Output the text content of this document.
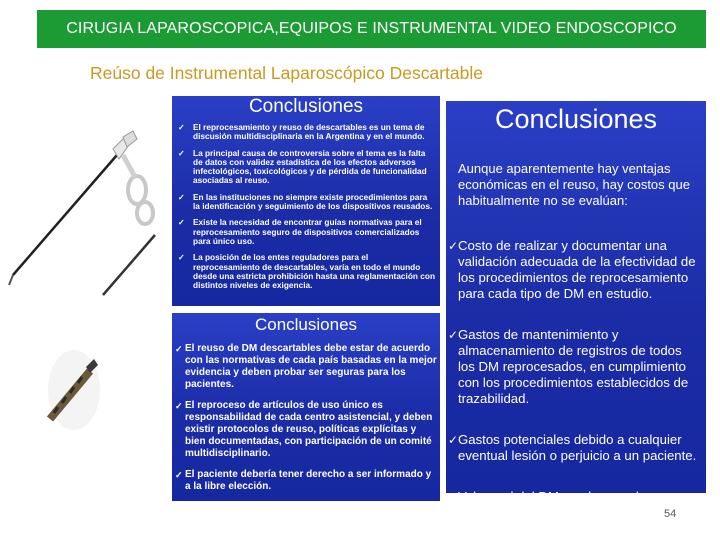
CIRUGIA LAPAROSCOPICA,EQUIPOS E INSTRUMENTAL VIDEO ENDOSCOPICO
Reúso de Instrumental Laparoscópico Descartable
Conclusiones
✓ El reprocesamiento y reuso de descartables es un tema de discusión multidisciplinaria en la Argentina y en el mundo.
✓ La principal causa de controversia sobre el tema es la falta de datos con validez estadística de los efectos adversos infectológicos, toxicológicos y de pérdida de funcionalidad asociadas al reuso.
✓ En las instituciones no siempre existe procedimientos para la identificación y seguimiento de los dispositivos reusados.
✓ Existe la necesidad de encontrar guías normativas para el reprocesamiento seguro de dispositivos comercializados para único uso.
✓ La posición de los entes reguladores para el reprocesamiento de descartables, varía en todo el mundo desde una estricta prohibición hasta una reglamentación con distintos niveles de exigencia.
Conclusiones
✓ El reuso de DM descartables debe estar de acuerdo con las normativas de cada país basadas en la mejor evidencia y deben probar ser seguras para los pacientes.
✓ El reproceso de artículos de uso único es responsabilidad de cada centro asistencial, y deben existir protocolos de reuso, políticas explícitas y bien documentadas, con participación de un comité multidisciplinario.
✓ El paciente debería tener derecho a ser informado y a la libre elección.
Conclusiones
Aunque aparentemente hay ventajas económicas en el reuso, hay costos que habitualmente no se evalúan:
✓ Costo de realizar y documentar una validación adecuada de la efectividad de los procedimientos de reprocesamiento para cada tipo de DM en estudio.
✓ Gastos de mantenimiento y almacenamiento de registros de todos los DM reprocesados, en cumplimiento con los procedimientos establecidos de trazabilidad.
✓ Gastos potenciales debido a cualquier eventual lesión o perjuicio a un paciente.
✓ Valor real del DM en el mercado.
54
